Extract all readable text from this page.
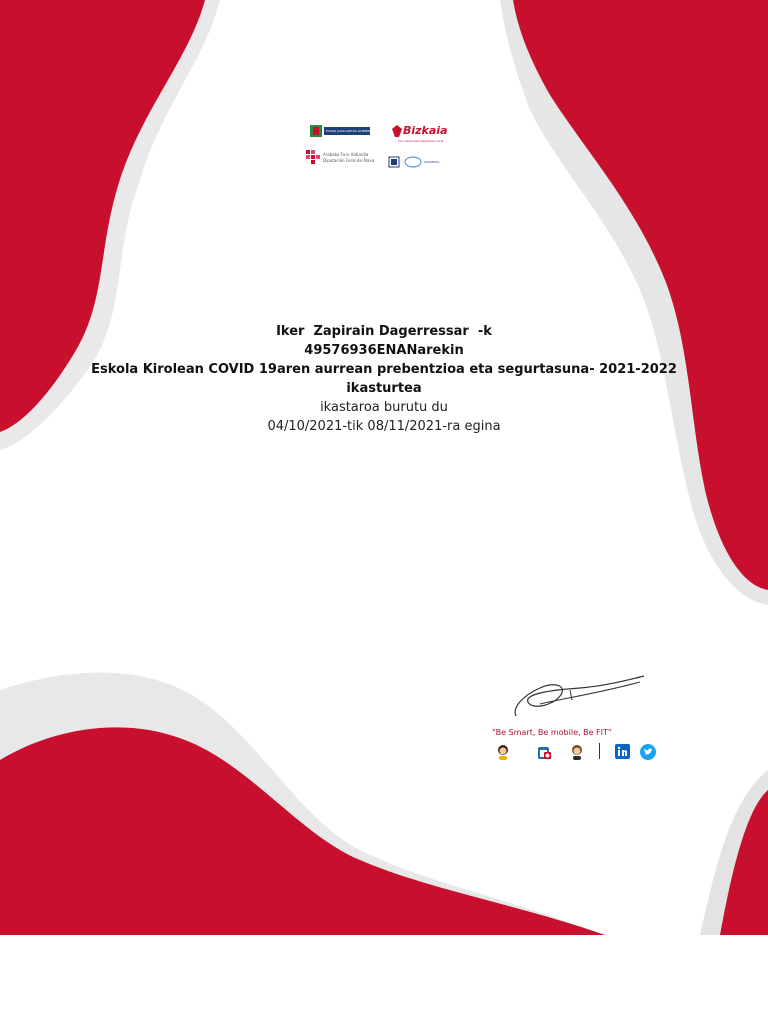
EUSKO JAURLARITZA GOBIERNO VASCO Bizkaia
Foru aldundia Diputación foral
Arabako Foru Aldundia
Diputación Foral de Álava	GIPUZKOA
Iker  Zapirain Dagerressar  -k
49576936ENANarekin
Eskola Kirolean COVID 19aren aurrean prebentzioa eta segurtasuna- 2021-2022
ikasturtea
ikastaroa burutu du
04/10/2021-tik 08/11/2021-ra egina
"Be Smart, Be mobile, Be FIT"
